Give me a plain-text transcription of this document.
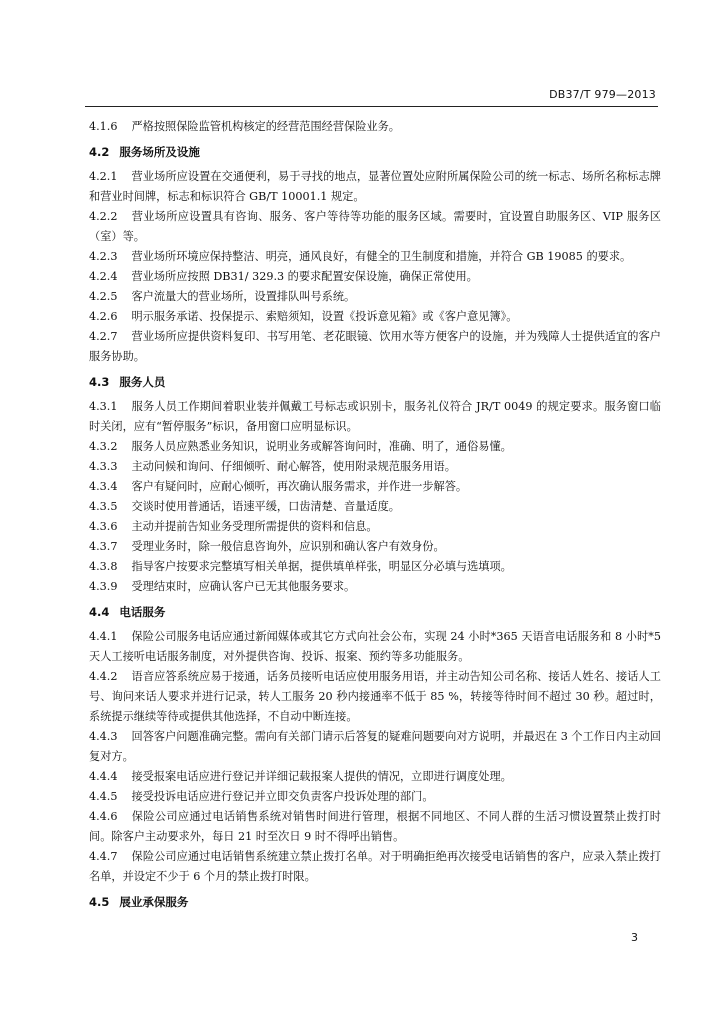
DB37/T 979—2013
4.1.6 严格按照保险监管机构核定的经营范围经营保险业务。
4.2 服务场所及设施
4.2.1 营业场所应设置在交通便利，易于寻找的地点，显著位置处应附所属保险公司的统一标志、场所名称标志牌和营业时间牌，标志和标识符合 GB/T 10001.1 规定。
4.2.2 营业场所应设置具有咨询、服务、客户等待等功能的服务区域。需要时，宜设置自助服务区、VIP 服务区（室）等。
4.2.3 营业场所环境应保持整洁、明亮，通风良好，有健全的卫生制度和措施，并符合 GB 19085 的要求。
4.2.4 营业场所应按照 DB31/ 329.3 的要求配置安保设施，确保正常使用。
4.2.5 客户流量大的营业场所，设置排队叫号系统。
4.2.6 明示服务承诺、投保提示、索赔须知，设置《投诉意见箱》或《客户意见簿》。
4.2.7 营业场所应提供资料复印、书写用笔、老花眼镜、饮用水等方便客户的设施，并为残障人士提供适宜的客户服务协助。
4.3 服务人员
4.3.1 服务人员工作期间着职业装并佩戴工号标志或识别卡，服务礼仪符合 JR/T 0049 的规定要求。服务窗口临时关闭，应有“暂停服务”标识，备用窗口应明显标识。
4.3.2 服务人员应熟悉业务知识，说明业务或解答询问时，准确、明了，通俗易懂。
4.3.3 主动问候和询问、仔细倾听、耐心解答，使用附录规范服务用语。
4.3.4 客户有疑问时，应耐心倾听，再次确认服务需求，并作进一步解答。
4.3.5 交谈时使用普通话，语速平缓，口齿清楚、音量适度。
4.3.6 主动并提前告知业务受理所需提供的资料和信息。
4.3.7 受理业务时，除一般信息咨询外，应识别和确认客户有效身份。
4.3.8 指导客户按要求完整填写相关单据，提供填单样张，明显区分必填与选填项。
4.3.9 受理结束时，应确认客户已无其他服务要求。
4.4 电话服务
4.4.1 保险公司服务电话应通过新闻媒体或其它方式向社会公布，实现 24 小时*365 天语音电话服务和 8 小时*5 天人工接听电话服务制度，对外提供咨询、投诉、报案、预约等多功能服务。
4.4.2 语音应答系统应易于接通，话务员接听电话应使用服务用语，并主动告知公司名称、接话人姓名、接话人工号、询问来话人要求并进行记录，转人工服务 20 秒内接通率不低于 85 %，转接等待时间不超过 30 秒。超过时，系统提示继续等待或提供其他选择，不自动中断连接。
4.4.3 回答客户问题准确完整。需向有关部门请示后答复的疑难问题要向对方说明，并最迟在 3 个工作日内主动回复对方。
4.4.4 接受报案电话应进行登记并详细记载报案人提供的情况，立即进行调度处理。
4.4.5 接受投诉电话应进行登记并立即交负责客户投诉处理的部门。
4.4.6 保险公司应通过电话销售系统对销售时间进行管理，根据不同地区、不同人群的生活习惯设置禁止拨打时间。除客户主动要求外，每日 21 时至次日 9 时不得呼出销售。
4.4.7 保险公司应通过电话销售系统建立禁止拨打名单。对于明确拒绝再次接受电话销售的客户，应录入禁止拨打名单，并设定不少于 6 个月的禁止拨打时限。
4.5 展业承保服务
3
